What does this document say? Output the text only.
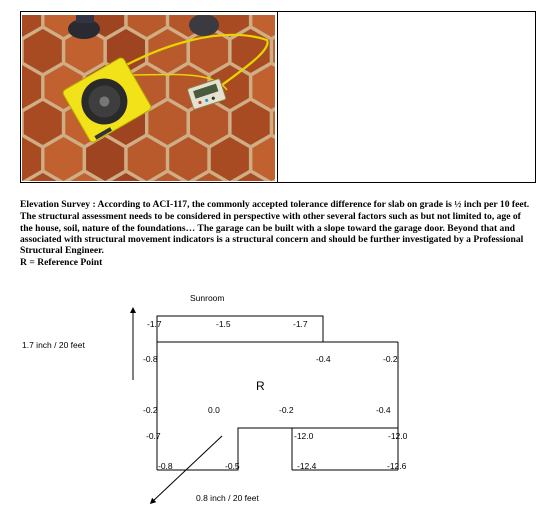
Elevation Survey : According to ACI-117, the commonly accepted tolerance difference for slab on grade is ½ inch per 10 feet.

The structural assessment needs to be considered in perspective with other several factors such as but not limited to, age of the house, soil, nature of the foundations… The garage can be built with a slope toward the garage door. Beyond that and associated with structural movement indicators is a structural concern and should be further investigated by a Professional Structural Engineer.

R = Reference Point

Sunroom
1.7 inch / 20 feet
0.8 inch / 20 feet
R
-1.7	-1.5	-1.7
-0.8	-0.4	-0.2
-0.2	0.0	-0.2	-0.4
-0.7	-12.0	-12.0
-0.8	-0.5	-12.4	-12.6
